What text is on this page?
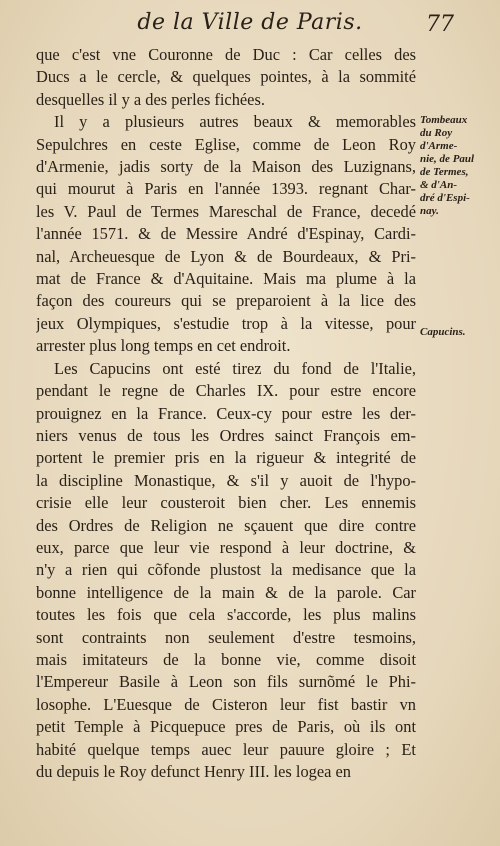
de la Ville de Paris.	77
que c'est vne Couronne de Duc : Car celles des
Ducs a le cercle, & quelques pointes, à la sommité
desquelles il y a des perles fichées.
Il y a plusieurs autres beaux & memorables
Sepulchres en ceste Eglise, comme de Leon Roy
d'Armenie, jadis sorty de la Maison des Luzignans,
qui mourut à Paris en l'année 1393. regnant Char-
les V. Paul de Termes Mareschal de France, decedé
l'année 1571. & de Messire André d'Espinay, Cardi-
nal, Archeuesque de Lyon & de Bourdeaux, & Pri-
mat de France & d'Aquitaine. Mais ma plume à la
façon des coureurs qui se preparoient à la lice des
jeux Olympiques, s'estudie trop à la vitesse, pour
arrester plus long temps en cet endroit.
Les Capucins ont esté tirez du fond de l'Italie,
pendant le regne de Charles IX. pour estre encore
prouignez en la France. Ceux-cy pour estre les der-
niers venus de tous les Ordres sainct François em-
portent le premier pris en la rigueur & integrité de
la discipline Monastique, & s'il y auoit de l'hypo-
crisie elle leur cousteroit bien cher. Les ennemis
des Ordres de Religion ne sçauent que dire contre
eux, parce que leur vie respond à leur doctrine, &
n'y a rien qui cõfonde plustost la medisance que la
bonne intelligence de la main & de la parole. Car
toutes les fois que cela s'accorde, les plus malins
sont contraints non seulement d'estre tesmoins,
mais imitateurs de la bonne vie, comme disoit
l'Empereur Basile à Leon son fils surnõmé le Phi-
losophe. L'Euesque de Cisteron leur fist bastir vn
petit Temple à Picquepuce pres de Paris, où ils ont
habité quelque temps auec leur pauure gloire ; Et
du depuis le Roy defunct Henry III. les logea en
Tombeaux
du Roy
d'Arme-
nie, de Paul
de Termes,
& d'An-
dré d'Espi-
nay.
Capucins.
